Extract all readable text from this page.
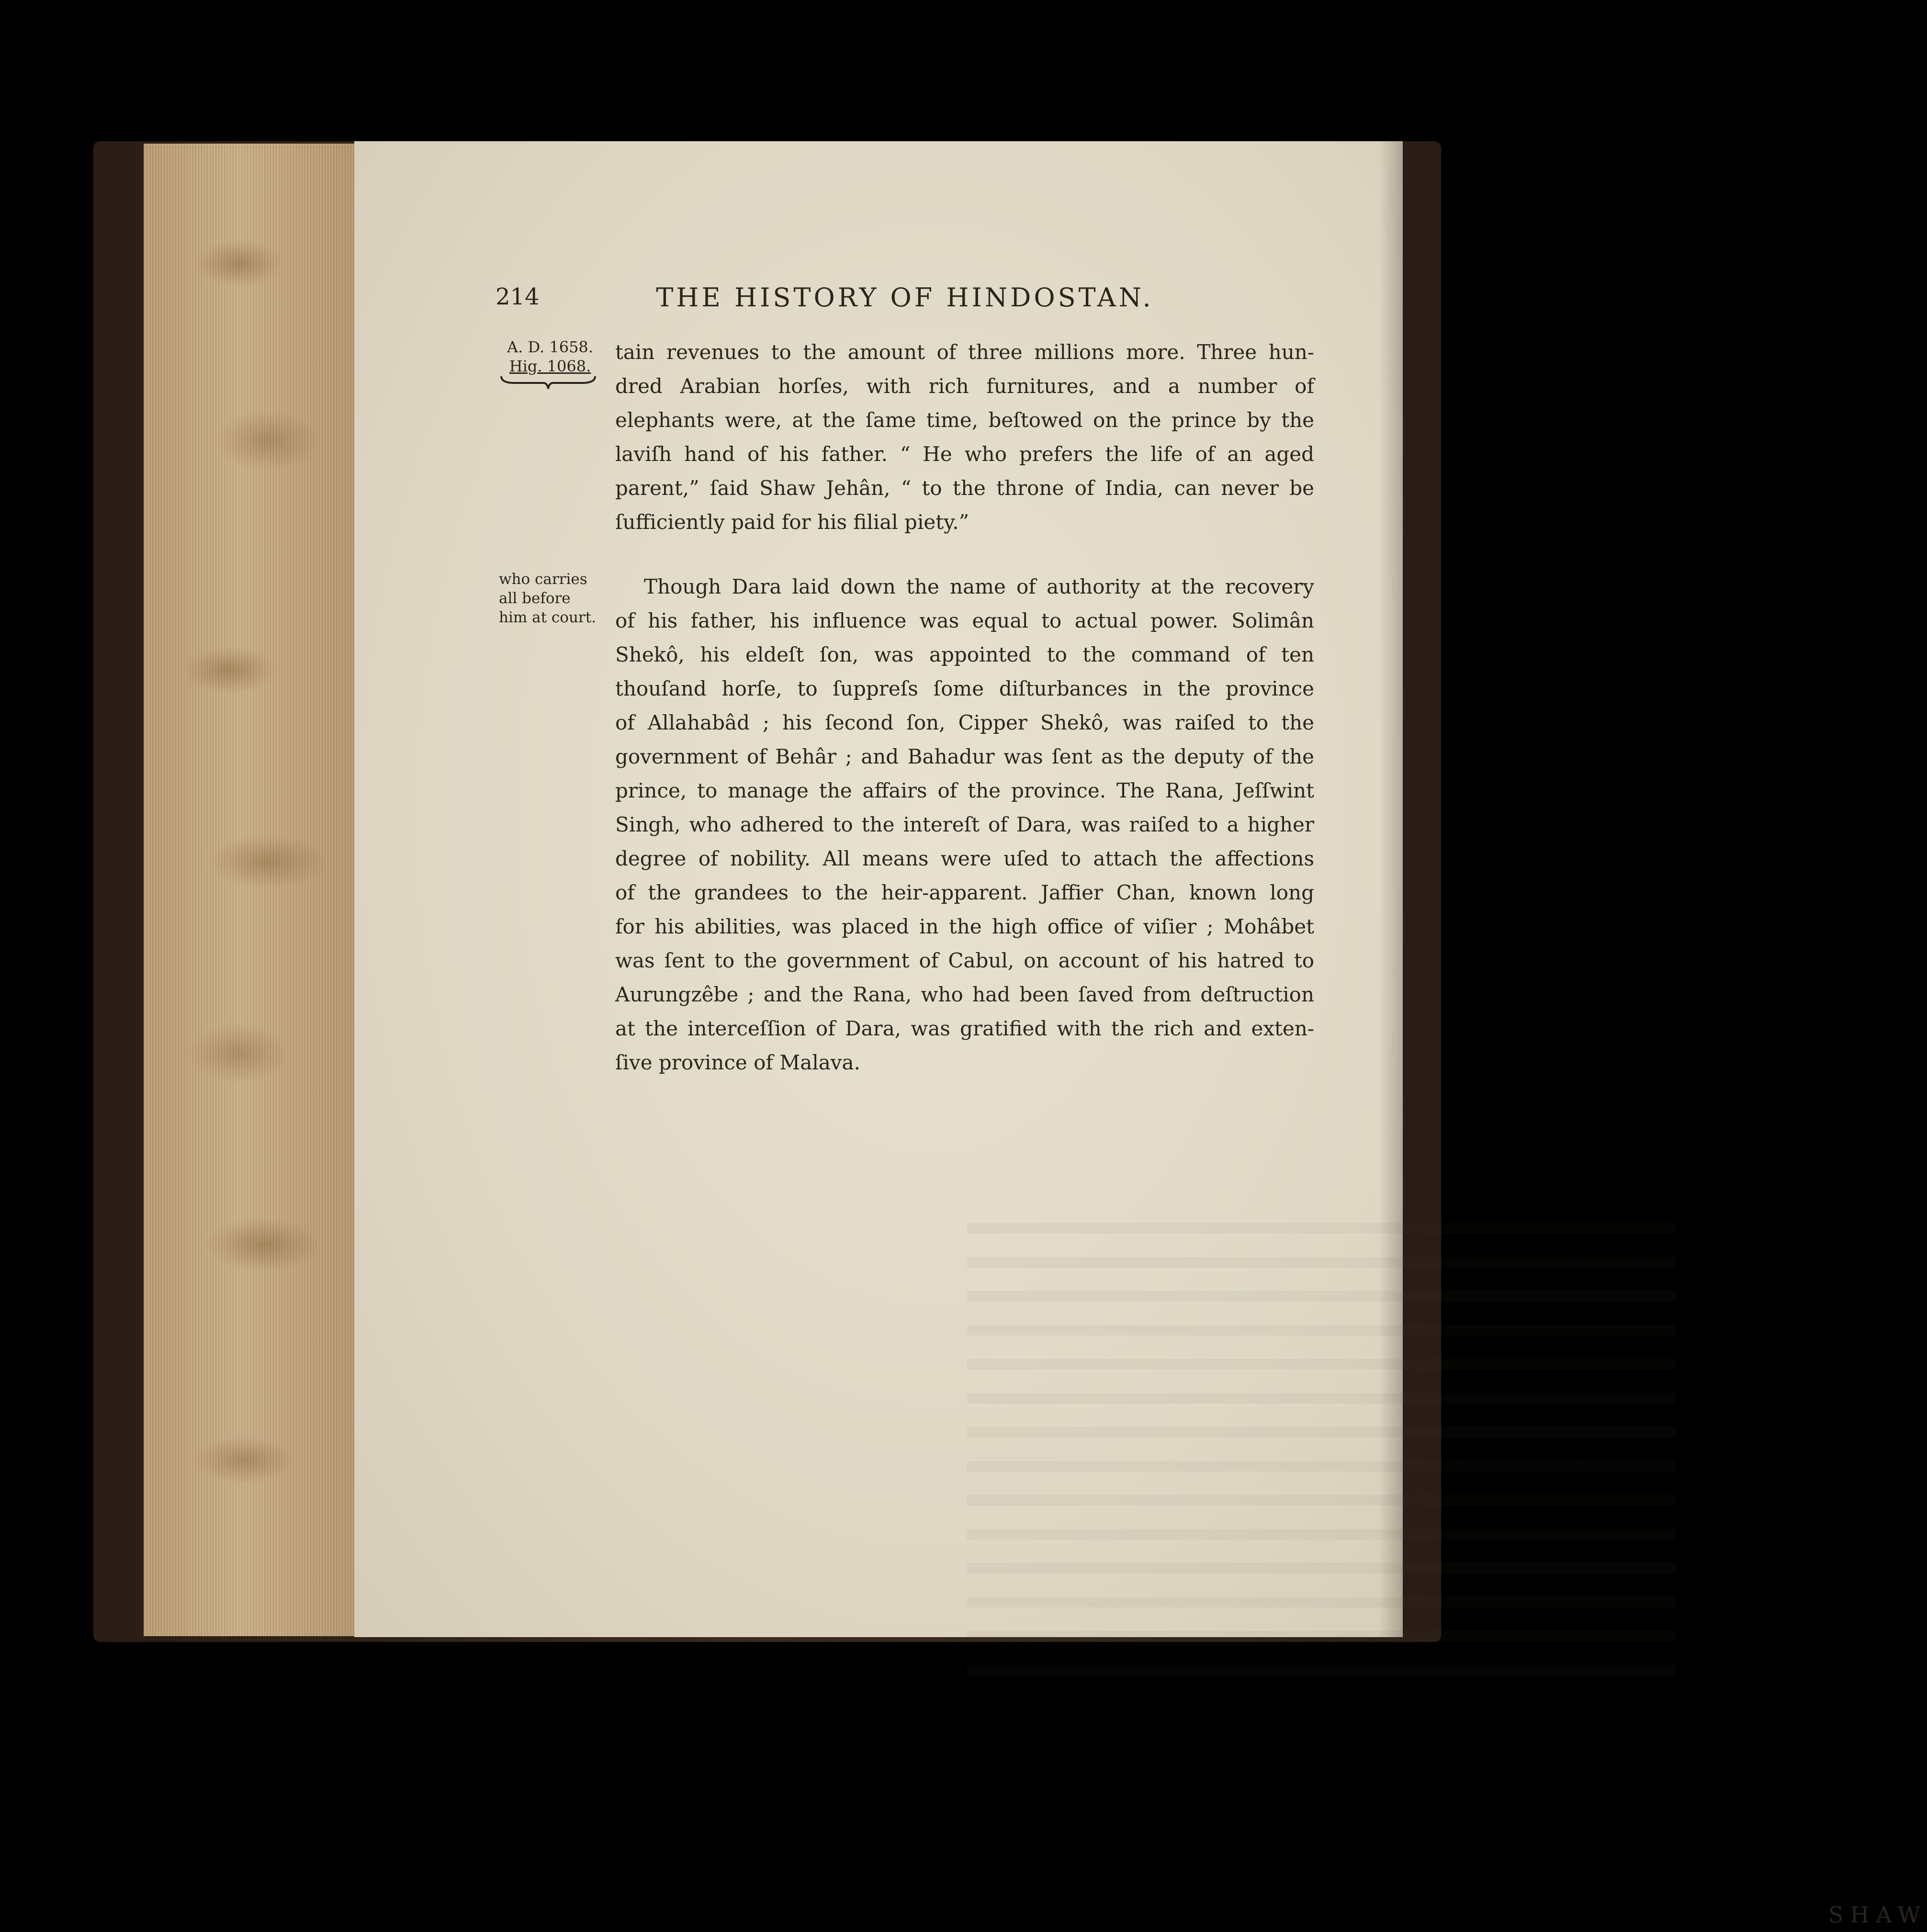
214	THE HISTORY OF HINDOSTAN.
A. D. 1658.
Hig. 1068.
who carries
all before
him at court.
tain revenues to the amount of three millions more. Three hun-
dred Arabian horſes, with rich furnitures, and a number of
elephants were, at the ſame time, beſtowed on the prince by the
laviſh hand of his father. “ He who prefers the life of an aged
parent,” ſaid Shaw Jehân, “ to the throne of India, can never be
ſufficiently paid for his filial piety.”
Though Dara laid down the name of authority at the recovery
of his father, his influence was equal to actual power. Solimân
Shekô, his eldeſt ſon, was appointed to the command of ten
thouſand horſe, to ſuppreſs ſome diſturbances in the province
of Allahabâd ; his ſecond ſon, Cipper Shekô, was raiſed to the
government of Behâr ; and Bahadur was ſent as the deputy of the
prince, to manage the affairs of the province. The Rana, Jeſſwint
Singh, who adhered to the intereſt of Dara, was raiſed to a higher
degree of nobility. All means were uſed to attach the affections
of the grandees to the heir-apparent. Jaffier Chan, known long
for his abilities, was placed in the high office of viſier ; Mohâbet
was ſent to the government of Cabul, on account of his hatred to
Aurungzêbe ; and the Rana, who had been ſaved from deſtruction
at the interceſſion of Dara, was gratified with the rich and exten-
ſive province of Malava.
SHAW
